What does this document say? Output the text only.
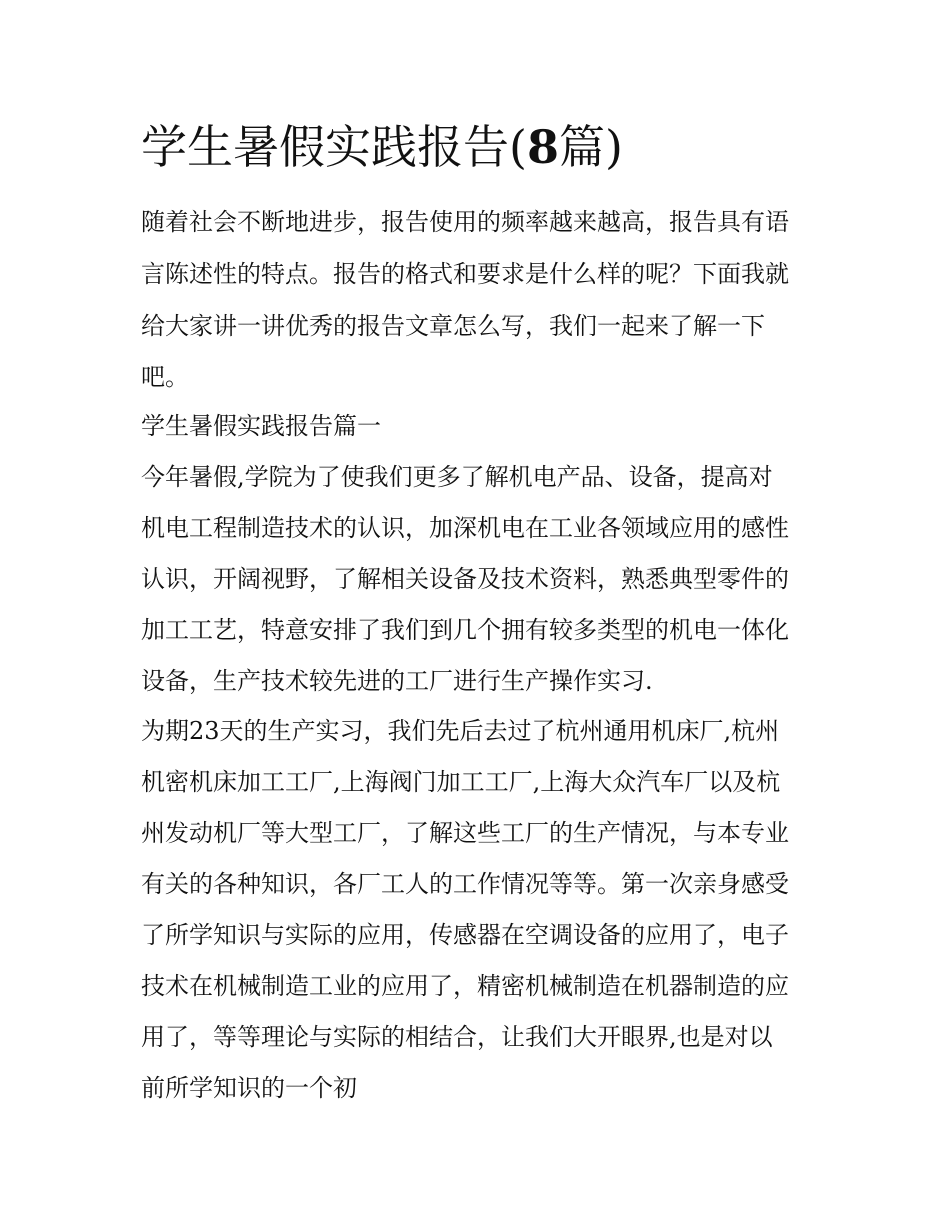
学生暑假实践报告(8篇)

随着社会不断地进步，报告使用的频率越来越高，报告具有语

言陈述性的特点。报告的格式和要求是什么样的呢？下面我就

给大家讲一讲优秀的报告文章怎么写，我们一起来了解一下

吧。

学生暑假实践报告篇一

今年暑假,学院为了使我们更多了解机电产品、设备，提高对

机电工程制造技术的认识，加深机电在工业各领域应用的感性

认识，开阔视野，了解相关设备及技术资料，熟悉典型零件的

加工工艺，特意安排了我们到几个拥有较多类型的机电一体化

设备，生产技术较先进的工厂进行生产操作实习.

为期23天的生产实习，我们先后去过了杭州通用机床厂,杭州

机密机床加工工厂,上海阀门加工工厂,上海大众汽车厂以及杭

州发动机厂等大型工厂，了解这些工厂的生产情况，与本专业

有关的各种知识，各厂工人的工作情况等等。第一次亲身感受

了所学知识与实际的应用，传感器在空调设备的应用了，电子

技术在机械制造工业的应用了，精密机械制造在机器制造的应

用了，等等理论与实际的相结合，让我们大开眼界,也是对以

前所学知识的一个初
